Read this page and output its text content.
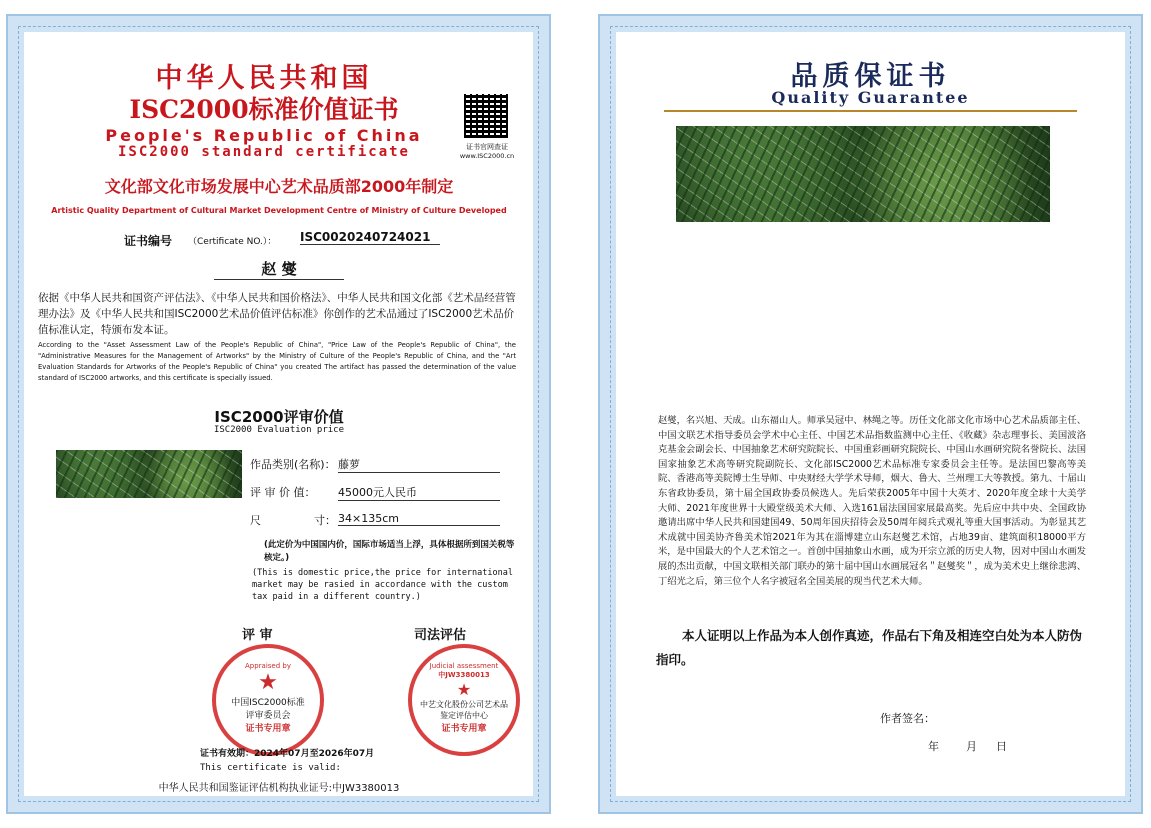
中华人民共和国
ISC2000标准价值证书
People's Republic of China
ISC2000 standard certificate	证书官网查证
www.ISC2000.cn
文化部文化市场发展中心艺术品质部2000年制定
Artistic Quality Department of Cultural Market Development Centre of Ministry of Culture Developed
证书编号 （Certificate NO.）： ISC0020240724021
赵 燮
依据《中华人民共和国资产评估法》、《中华人民共和国价格法》、中华人民共和国文化部《艺术品经营管理办法》及《中华人民共和国ISC2000艺术品价值评估标准》你创作的艺术品通过了ISC2000艺术品价值标准认定，特颁布发本证。
According to the "Asset Assessment Law of the People's Republic of China", "Price Law of the People's Republic of China", the "Administrative Measures for the Management of Artworks" by the Ministry of Culture of the People's Republic of China, and the "Art Evaluation Standards for Artworks of the People's Republic of China" you created The artifact has passed the determination of the value standard of ISC2000 artworks, and this certificate is specially issued.
ISC2000评审价值
ISC2000 Evaluation price
作品类别(名称)： 藤萝
评 审 价 值： 45000元人民币
尺	寸： 34×135cm
(此定价为中国国内价，国际市场适当上浮，具体根据所到国关税等核定。)
(This is domestic price,the price for international market may be rasied in accordance with the custom tax paid in a different country.)
评 审	司法评估
Appraised by
★
中国ISC2000标准
评审委员会
证书专用章
Judicial assessment
中JW3380013
★
中艺文化股份公司艺术品
鉴定评估中心
证书专用章
证书有效期：2024年07月至2026年07月
This certificate is valid:
中华人民共和国鉴证评估机构执业证号:中JW3380013
品质保证书
Quality Guarantee
赵燮，名兴旭、天成。山东福山人。师承吴冠中、林绳之等。历任文化部文化市场中心艺术品质部主任、中国文联艺术指导委员会学术中心主任、中国艺术品指数监测中心主任、《收藏》杂志理事长、美国波洛克基金会副会长、中国抽象艺术研究院院长、中国重彩画研究院院长、中国山水画研究院名誉院长、法国国家抽象艺术高等研究院副院长、文化部ISC2000艺术品标准专家委员会主任等。是法国巴黎高等美院、香港高等美院博士生导师、中央财经大学学术导师，烟大、鲁大、兰州理工大等教授。第九、十届山东省政协委员，第十届全国政协委员候选人。先后荣获2005年中国十大英才、2020年度全球十大美学大师、2021年度世界十大殿堂级美术大师、入选161届法国国家展最高奖。先后应中共中央、全国政协邀请出席中华人民共和国建国49、50周年国庆招待会及50周年阅兵式观礼等重大国事活动。为彰显其艺术成就中国美协齐鲁美术馆2021年为其在淄博建立山东赵燮艺术馆，占地39亩、建筑面积18000平方米，是中国最大的个人艺术馆之一。首创中国抽象山水画，成为开宗立派的历史人物，因对中国山水画发展的杰出贡献，中国文联相关部门联办的第十届中国山水画展冠名＂赵燮奖＂，成为美术史上继徐悲鸿、丁绍光之后，第三位个人名字被冠名全国美展的现当代艺术大师。
本人证明以上作品为本人创作真迹，作品右下角及相连空白处为本人防伪指印。
作者签名：
年 月 日
